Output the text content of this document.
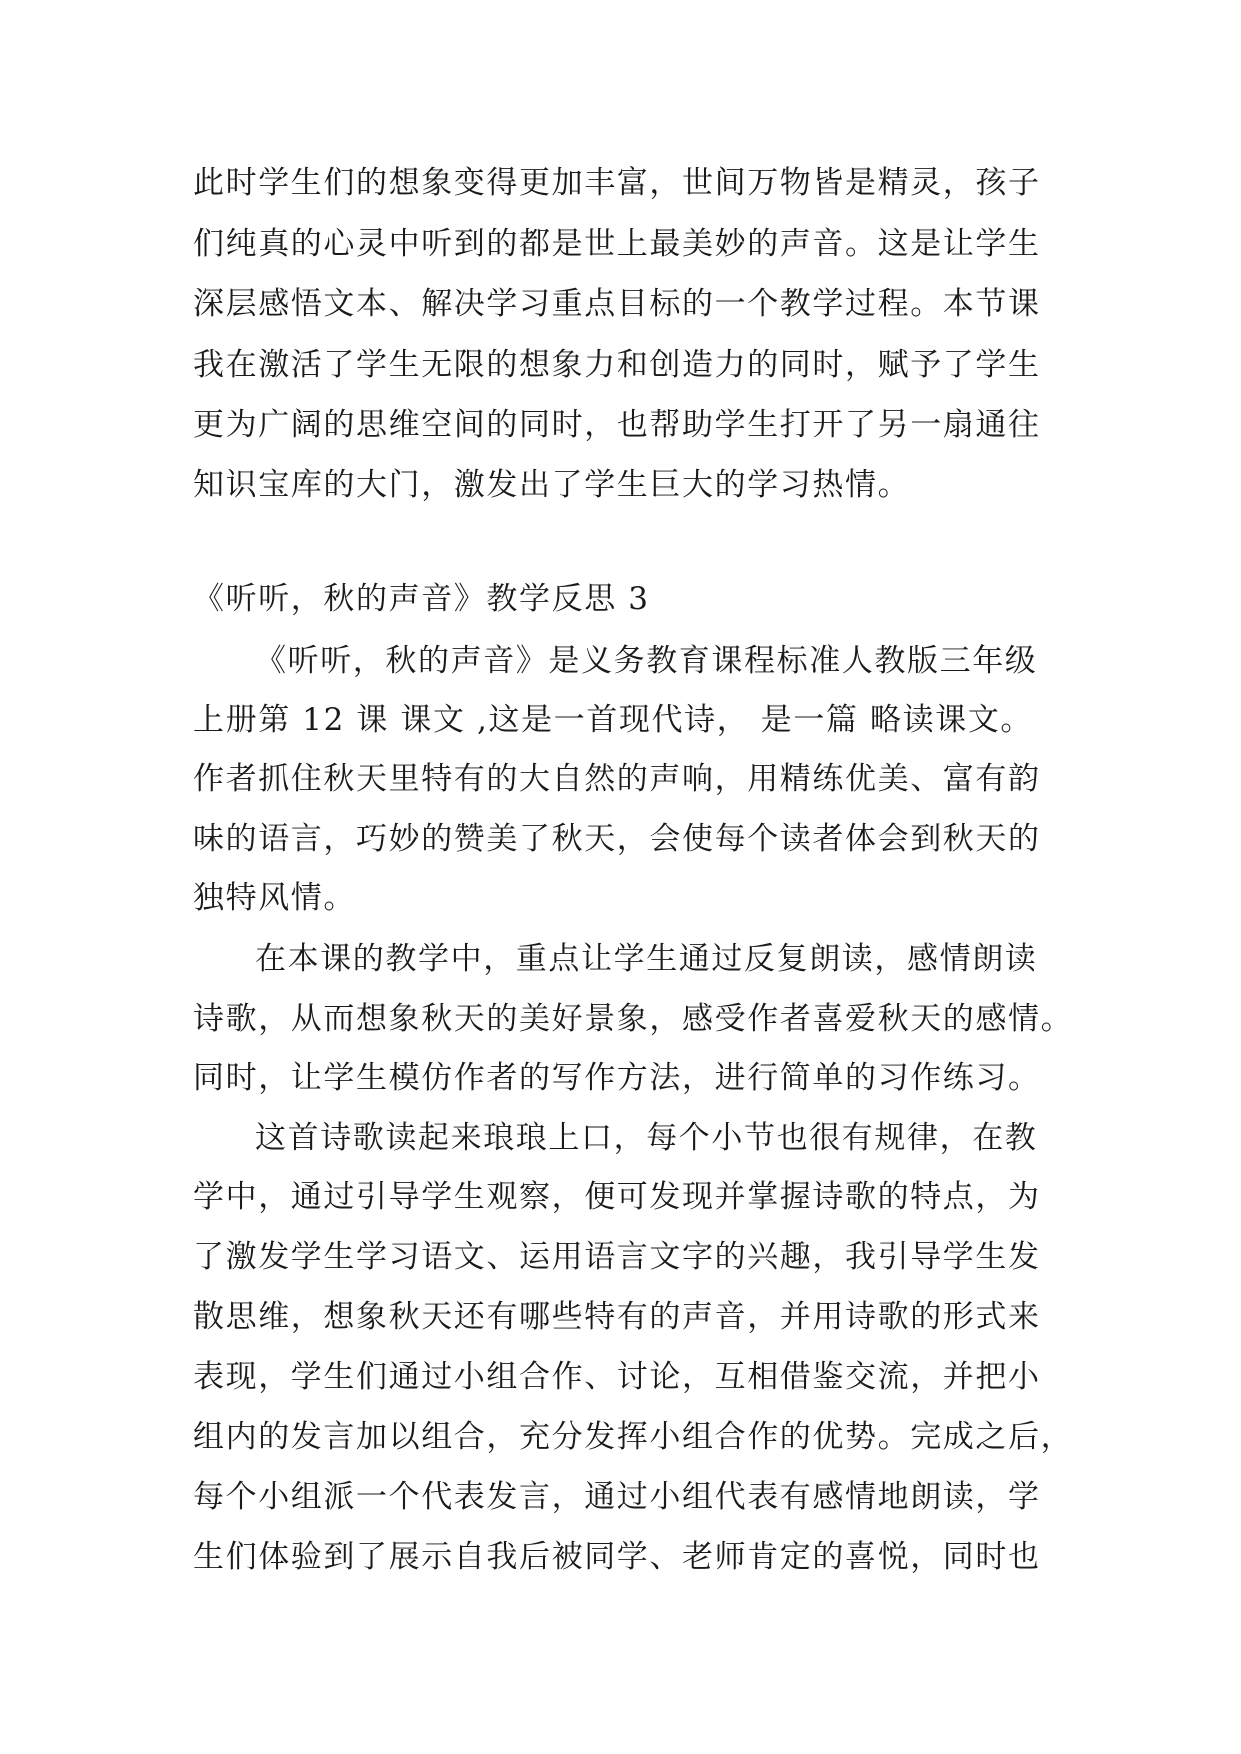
此时学生们的想象变得更加丰富，世间万物皆是精灵，孩子
们纯真的心灵中听到的都是世上最美妙的声音。这是让学生
深层感悟文本、解决学习重点目标的一个教学过程。本节课
我在激活了学生无限的想象力和创造力的同时，赋予了学生
更为广阔的思维空间的同时，也帮助学生打开了另一扇通往
知识宝库的大门，激发出了学生巨大的学习热情。
《听听，秋的声音》教学反思 3
《听听，秋的声音》是义务教育课程标准人教版三年级
上册第 12 课 课文 ,这是一首现代诗， 是一篇 略读课文。
作者抓住秋天里特有的大自然的声响，用精练优美、富有韵
味的语言，巧妙的赞美了秋天，会使每个读者体会到秋天的
独特风情。
在本课的教学中，重点让学生通过反复朗读，感情朗读
诗歌，从而想象秋天的美好景象，感受作者喜爱秋天的感情。
同时，让学生模仿作者的写作方法，进行简单的习作练习。
这首诗歌读起来琅琅上口，每个小节也很有规律，在教
学中，通过引导学生观察，便可发现并掌握诗歌的特点，为
了激发学生学习语文、运用语言文字的兴趣，我引导学生发
散思维，想象秋天还有哪些特有的声音，并用诗歌的形式来
表现，学生们通过小组合作、讨论，互相借鉴交流，并把小
组内的发言加以组合，充分发挥小组合作的优势。完成之后，
每个小组派一个代表发言，通过小组代表有感情地朗读，学
生们体验到了展示自我后被同学、老师肯定的喜悦，同时也
